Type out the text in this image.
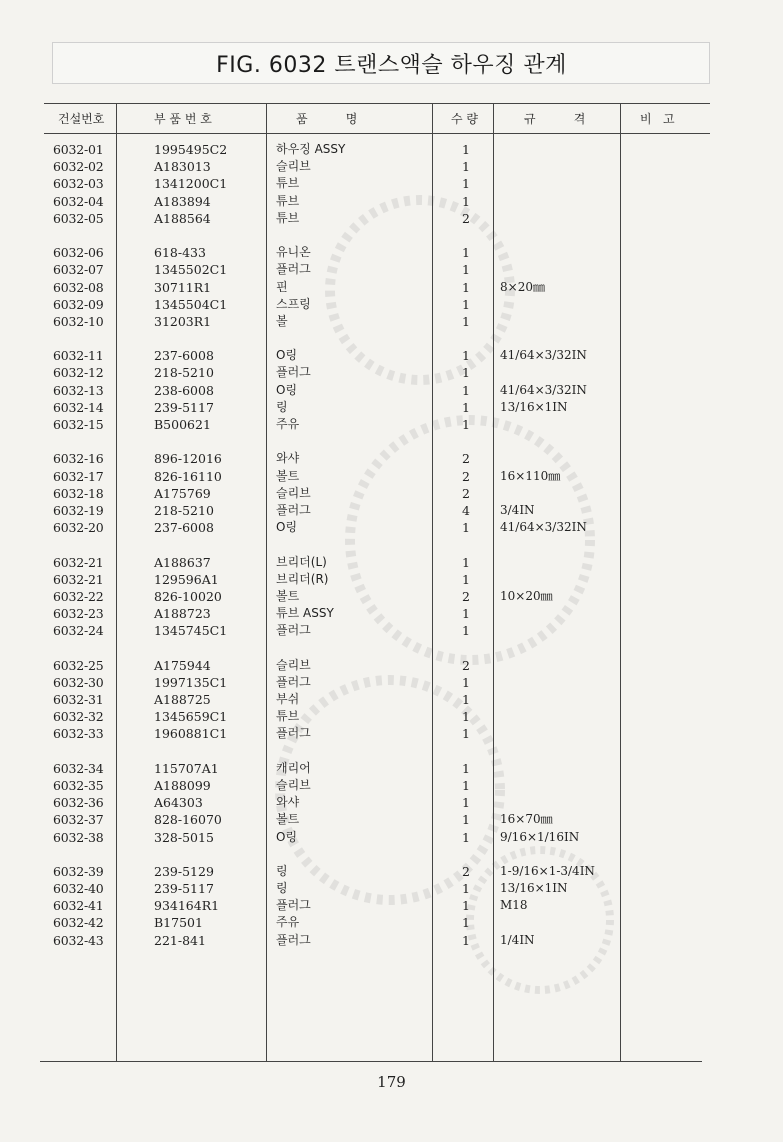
FIG. 6032 트랜스액슬 하우징 관계
건설번호	부 품 번 호	품          명	수 량	규          격	비   고
6032-01	1995495C2	하우징 ASSY	1
6032-02	A183013	슬리브	1
6032-03	1341200C1	튜브	1
6032-04	A183894	튜브	1
6032-05	A188564	튜브	2
6032-06	618-433	유니온	1
6032-07	1345502C1	플러그	1
6032-08	30711R1	핀	1	8×20㎜
6032-09	1345504C1	스프링	1
6032-10	31203R1	볼	1
6032-11	237-6008	O링	1	41/64×3/32IN
6032-12	218-5210	플러그	1
6032-13	238-6008	O링	1	41/64×3/32IN
6032-14	239-5117	링	1	13/16×1IN
6032-15	B500621	주유	1
6032-16	896-12016	와샤	2
6032-17	826-16110	볼트	2	16×110㎜
6032-18	A175769	슬리브	2
6032-19	218-5210	플러그	4	3/4IN
6032-20	237-6008	O링	1	41/64×3/32IN
6032-21	A188637	브리더(L)	1
6032-21	129596A1	브리더(R)	1
6032-22	826-10020	볼트	2	10×20㎜
6032-23	A188723	튜브 ASSY	1
6032-24	1345745C1	플러그	1
6032-25	A175944	슬리브	2
6032-30	1997135C1	플러그	1
6032-31	A188725	부쉬	1
6032-32	1345659C1	튜브	1
6032-33	1960881C1	플러그	1
6032-34	115707A1	캐리어	1
6032-35	A188099	슬리브	1
6032-36	A64303	와샤	1
6032-37	828-16070	볼트	1	16×70㎜
6032-38	328-5015	O링	1	9/16×1/16IN
6032-39	239-5129	링	2	1-9/16×1-3/4IN
6032-40	239-5117	링	1	13/16×1IN
6032-41	934164R1	플러그	1	M18
6032-42	B17501	주유	1
6032-43	221-841	플러그	1	1/4IN
179
